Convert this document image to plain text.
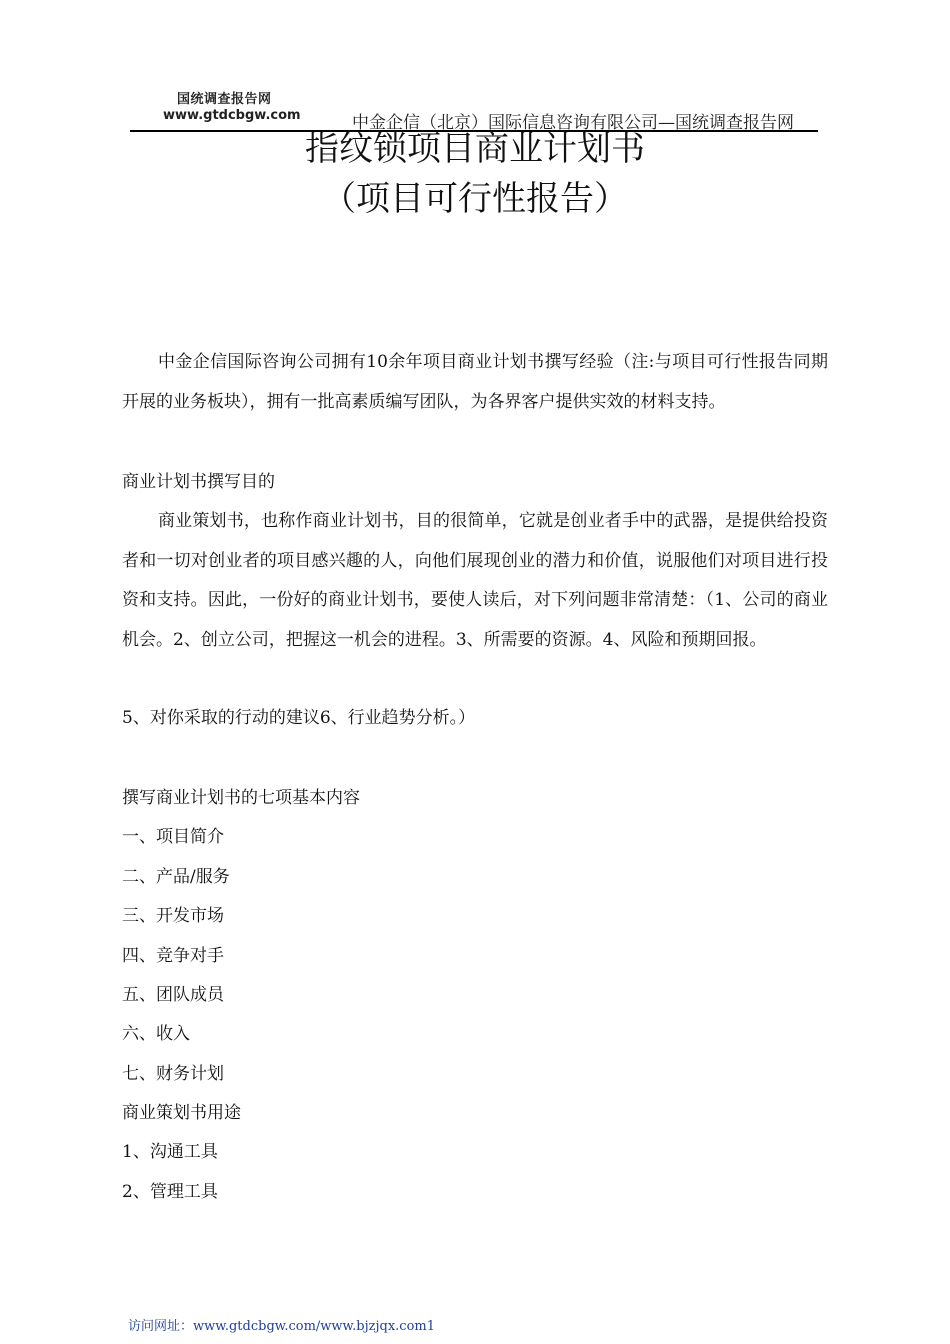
国统调查报告网
www.gtdcbgw.com	中金企信（北京）国际信息咨询有限公司—国统调查报告网
指纹锁项目商业计划书
（项目可行性报告）

中金企信国际咨询公司拥有10余年项目商业计划书撰写经验（注:与项目可行性报告同期开展的业务板块），拥有一批高素质编写团队，为各界客户提供实效的材料支持。

商业计划书撰写目的

商业策划书，也称作商业计划书，目的很简单，它就是创业者手中的武器，是提供给投资者和一切对创业者的项目感兴趣的人，向他们展现创业的潜力和价值，说服他们对项目进行投资和支持。因此，一份好的商业计划书，要使人读后，对下列问题非常清楚：（1、公司的商业机会。2、创立公司，把握这一机会的进程。3、所需要的资源。4、风险和预期回报。

5、对你采取的行动的建议6、行业趋势分析。）
撰写商业计划书的七项基本内容
一、项目简介
二、产品/服务
三、开发市场
四、竞争对手
五、团队成员
六、收入
七、财务计划
商业策划书用途
1、沟通工具
2、管理工具
访问网址：www.gtdcbgw.com/www.bjzjqx.com1
